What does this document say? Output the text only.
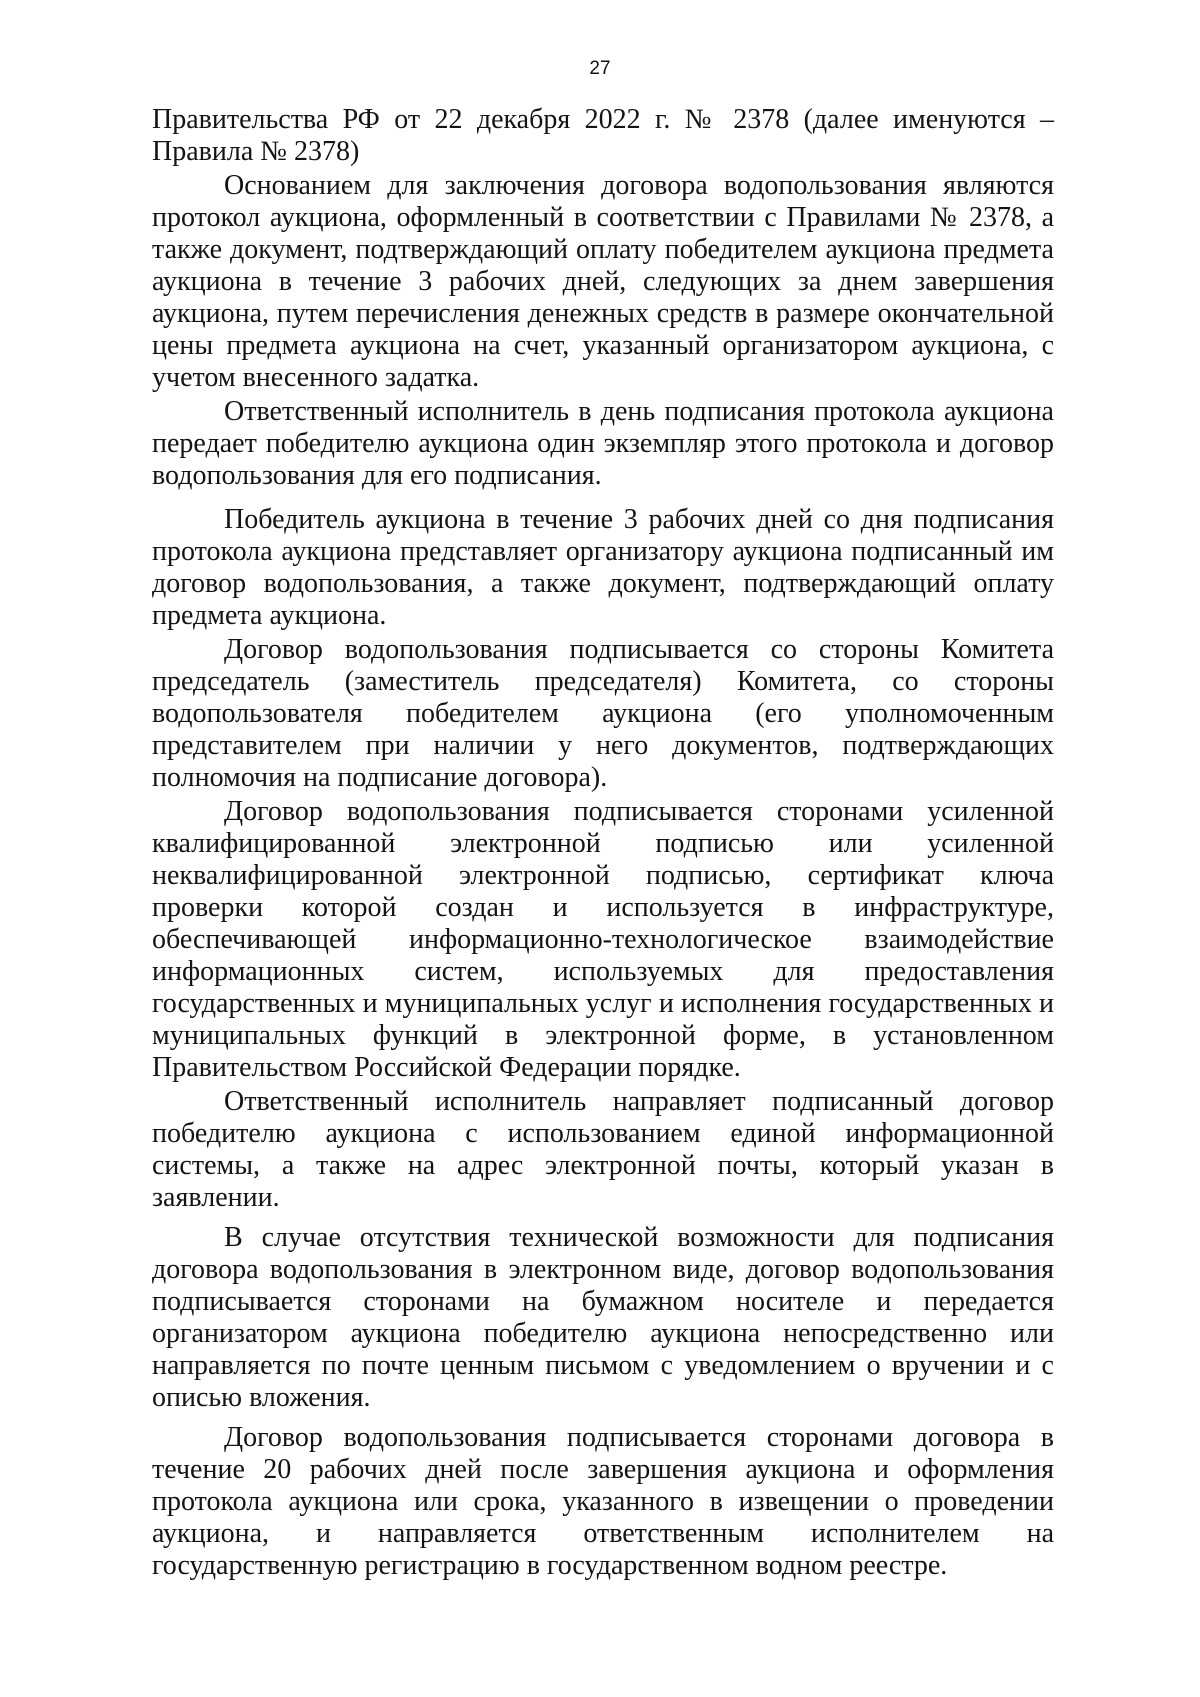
27

Правительства РФ от 22 декабря 2022 г. № 2378 (далее именуются – Правила № 2378)

Основанием для заключения договора водопользования являются протокол аукциона, оформленный в соответствии с Правилами № 2378, а также документ, подтверждающий оплату победителем аукциона предмета аукциона в течение 3 рабочих дней, следующих за днем завершения аукциона, путем перечисления денежных средств в размере окончательной цены предмета аукциона на счет, указанный организатором аукциона, с учетом внесенного задатка.

Ответственный исполнитель в день подписания протокола аукциона передает победителю аукциона один экземпляр этого протокола и договор водопользования для его подписания.

Победитель аукциона в течение 3 рабочих дней со дня подписания протокола аукциона представляет организатору аукциона подписанный им договор водопользования, а также документ, подтверждающий оплату предмета аукциона.

Договор водопользования подписывается со стороны Комитета председатель (заместитель председателя) Комитета, со стороны водопользователя победителем аукциона (его уполномоченным представителем при наличии у него документов, подтверждающих полномочия на подписание договора).

Договор водопользования подписывается сторонами усиленной квалифицированной электронной подписью или усиленной неквалифицированной электронной подписью, сертификат ключа проверки которой создан и используется в инфраструктуре, обеспечивающей информационно-технологическое взаимодействие информационных систем, используемых для предоставления государственных и муниципальных услуг и исполнения государственных и муниципальных функций в электронной форме, в установленном Правительством Российской Федерации порядке.

Ответственный исполнитель направляет подписанный договор победителю аукциона с использованием единой информационной системы, а также на адрес электронной почты, который указан в заявлении.

В случае отсутствия технической возможности для подписания договора водопользования в электронном виде, договор водопользования подписывается сторонами на бумажном носителе и передается организатором аукциона победителю аукциона непосредственно или направляется по почте ценным письмом с уведомлением о вручении и с описью вложения.

Договор водопользования подписывается сторонами договора в течение 20 рабочих дней после завершения аукциона и оформления протокола аукциона или срока, указанного в извещении о проведении аукциона, и направляется ответственным исполнителем на государственную регистрацию в государственном водном реестре.
